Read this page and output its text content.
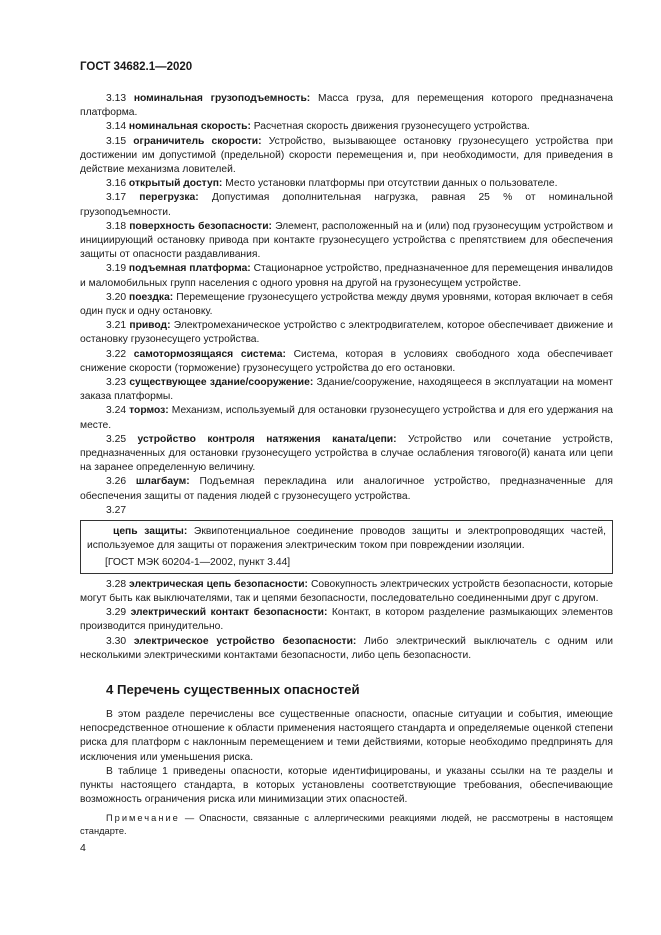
ГОСТ 34682.1—2020

3.13 номинальная грузоподъемность: Масса груза, для перемещения которого предназначена платформа.

3.14 номинальная скорость: Расчетная скорость движения грузонесущего устройства.

3.15 ограничитель скорости: Устройство, вызывающее остановку грузонесущего устройства при достижении им допустимой (предельной) скорости перемещения и, при необходимости, для приведения в действие механизма ловителей.

3.16 открытый доступ: Место установки платформы при отсутствии данных о пользователе.

3.17 перегрузка: Допустимая дополнительная нагрузка, равная 25 % от номинальной грузоподъемности.

3.18 поверхность безопасности: Элемент, расположенный на и (или) под грузонесущим устройством и инициирующий остановку привода при контакте грузонесущего устройства с препятствием для обеспечения защиты от опасности раздавливания.

3.19 подъемная платформа: Стационарное устройство, предназначенное для перемещения инвалидов и маломобильных групп населения с одного уровня на другой на грузонесущем устройстве.

3.20 поездка: Перемещение грузонесущего устройства между двумя уровнями, которая включает в себя один пуск и одну остановку.

3.21 привод: Электромеханическое устройство с электродвигателем, которое обеспечивает движение и остановку грузонесущего устройства.

3.22 самотормозящаяся система: Система, которая в условиях свободного хода обеспечивает снижение скорости (торможение) грузонесущего устройства до его остановки.

3.23 существующее здание/сооружение: Здание/сооружение, находящееся в эксплуатации на момент заказа платформы.

3.24 тормоз: Механизм, используемый для остановки грузонесущего устройства и для его удержания на месте.

3.25 устройство контроля натяжения каната/цепи: Устройство или сочетание устройств, предназначенных для остановки грузонесущего устройства в случае ослабления тягового(й) каната или цепи на заранее определенную величину.

3.26 шлагбаум: Подъемная перекладина или аналогичное устройство, предназначенные для обеспечения защиты от падения людей с грузонесущего устройства.

3.27

цепь защиты: Эквипотенциальное соединение проводов защиты и электропроводящих частей, используемое для защиты от поражения электрическим током при повреждении изоляции.

[ГОСТ МЭК 60204-1—2002, пункт 3.44]

3.28 электрическая цепь безопасности: Совокупность электрических устройств безопасности, которые могут быть как выключателями, так и цепями безопасности, последовательно соединенными друг с другом.

3.29 электрический контакт безопасности: Контакт, в котором разделение размыкающих элементов производится принудительно.

3.30 электрическое устройство безопасности: Либо электрический выключатель с одним или несколькими электрическими контактами безопасности, либо цепь безопасности.

4 Перечень существенных опасностей

В этом разделе перечислены все существенные опасности, опасные ситуации и события, имеющие непосредственное отношение к области применения настоящего стандарта и определяемые оценкой степени риска для платформ с наклонным перемещением и теми действиями, которые необходимо предпринять для исключения или уменьшения риска.

В таблице 1 приведены опасности, которые идентифицированы, и указаны ссылки на те разделы и пункты настоящего стандарта, в которых установлены соответствующие требования, обеспечивающие возможность ограничения риска или минимизации этих опасностей.

Примечание — Опасности, связанные с аллергическими реакциями людей, не рассмотрены в настоящем стандарте.

4
